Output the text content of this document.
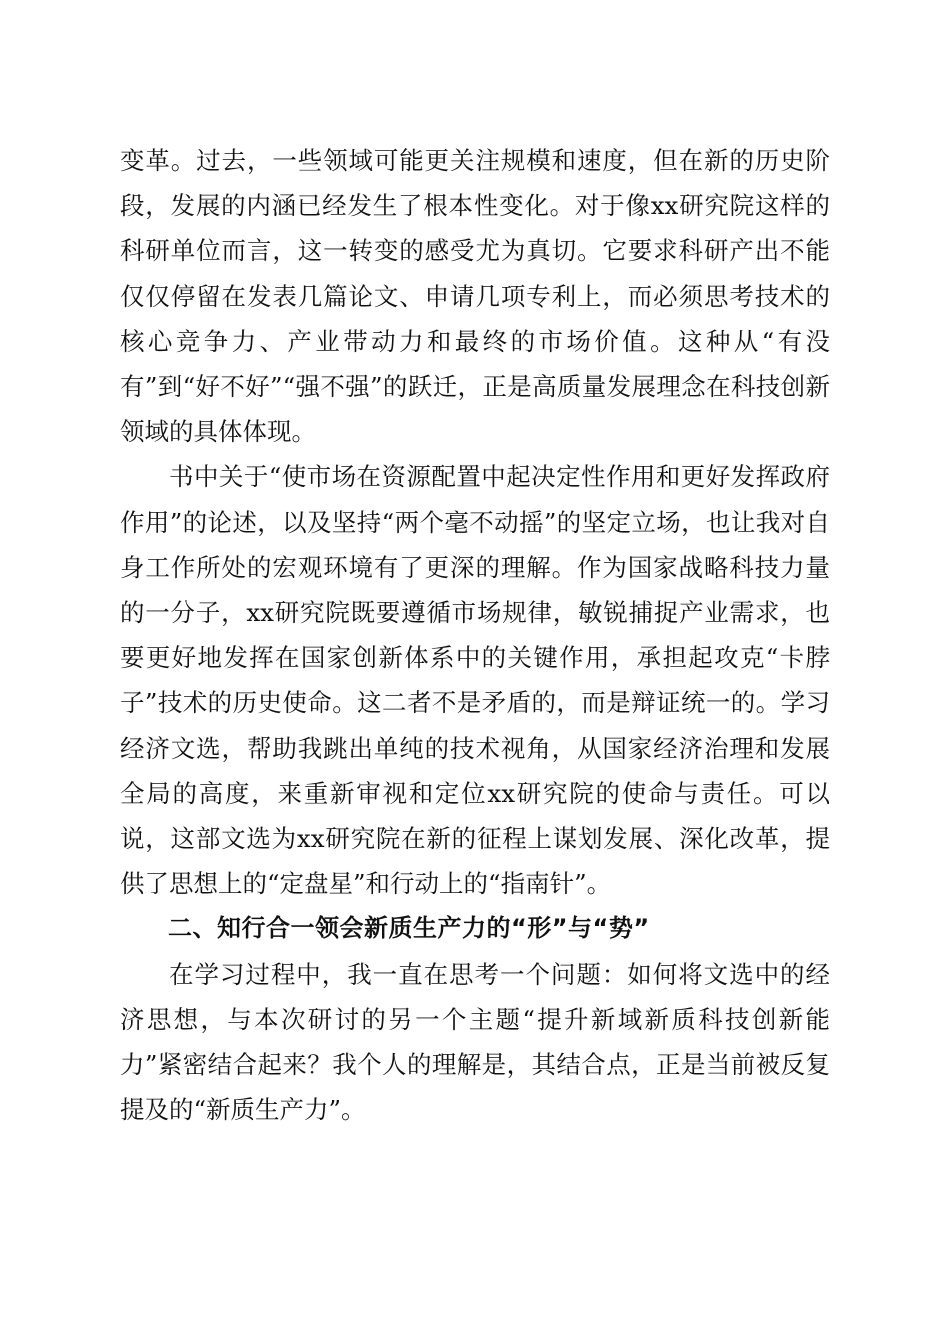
变革。过去，一些领域可能更关注规模和速度，但在新的历史阶段，发展的内涵已经发生了根本性变化。对于像xx研究院这样的科研单位而言，这一转变的感受尤为真切。它要求科研产出不能仅仅停留在发表几篇论文、申请几项专利上，而必须思考技术的核心竞争力、产业带动力和最终的市场价值。这种从“有没有”到“好不好”“强不强”的跃迁，正是高质量发展理念在科技创新领域的具体体现。

书中关于“使市场在资源配置中起决定性作用和更好发挥政府作用”的论述，以及坚持“两个毫不动摇”的坚定立场，也让我对自身工作所处的宏观环境有了更深的理解。作为国家战略科技力量的一分子，xx研究院既要遵循市场规律，敏锐捕捉产业需求，也要更好地发挥在国家创新体系中的关键作用，承担起攻克“卡脖子”技术的历史使命。这二者不是矛盾的，而是辩证统一的。学习经济文选，帮助我跳出单纯的技术视角，从国家经济治理和发展全局的高度，来重新审视和定位xx研究院的使命与责任。可以说，这部文选为xx研究院在新的征程上谋划发展、深化改革，提供了思想上的“定盘星”和行动上的“指南针”。

二、知行合一领会新质生产力的“形”与“势”

在学习过程中，我一直在思考一个问题：如何将文选中的经济思想，与本次研讨的另一个主题“提升新域新质科技创新能力”紧密结合起来？我个人的理解是，其结合点，正是当前被反复提及的“新质生产力”。
